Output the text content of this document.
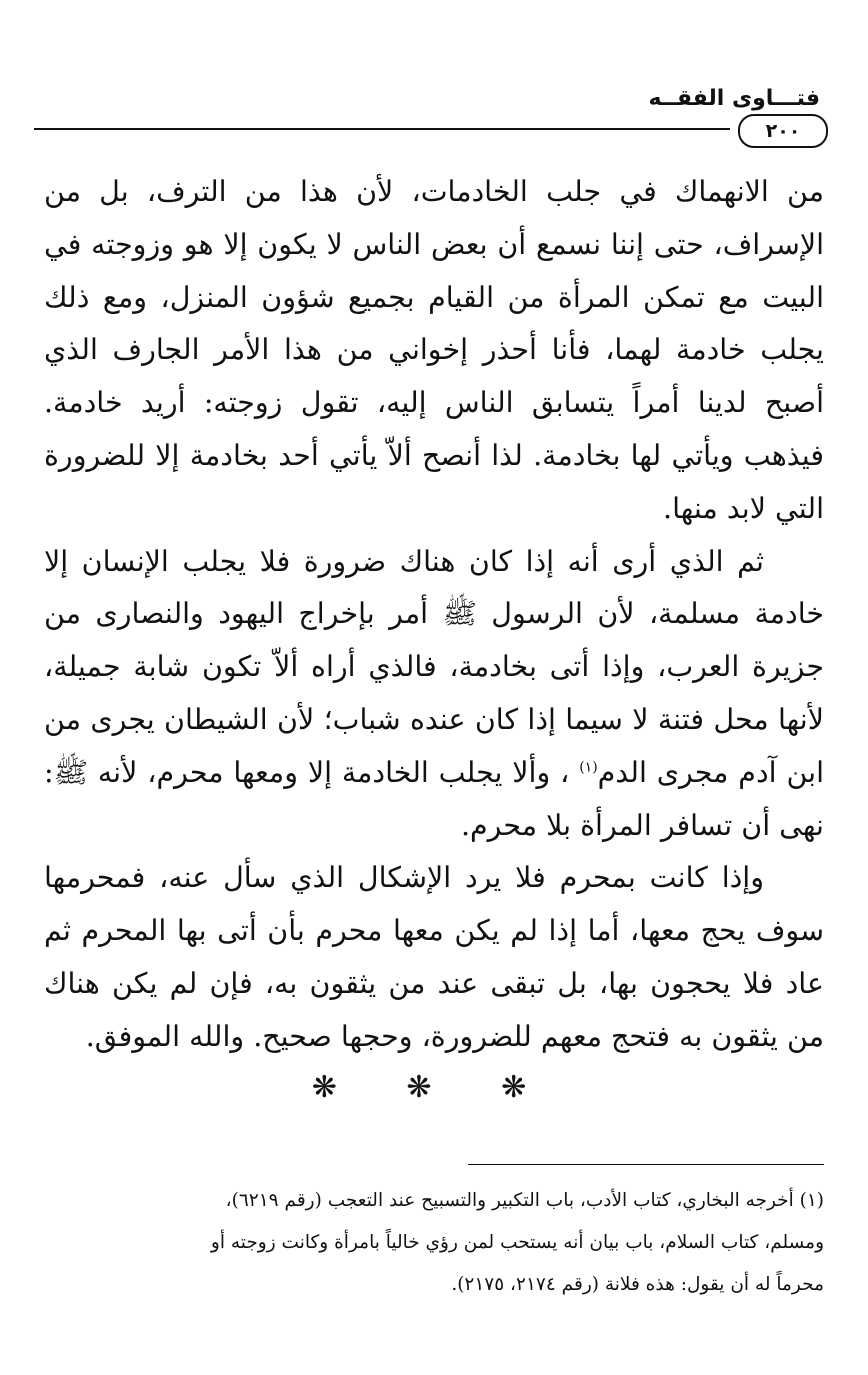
فتـــاوى الفقــه
٢٠٠

من الانهماك في جلب الخادمات، لأن هذا من الترف، بل من الإسراف، حتى إننا نسمع أن بعض الناس لا يكون إلا هو وزوجته في البيت مع تمكن المرأة من القيام بجميع شؤون المنزل، ومع ذلك يجلب خادمة لهما، فأنا أحذر إخواني من هذا الأمر الجارف الذي أصبح لدينا أمراً يتسابق الناس إليه، تقول زوجته: أريد خادمة. فيذهب ويأتي لها بخادمة. لذا أنصح ألاّ يأتي أحد بخادمة إلا للضرورة التي لابد منها.

ثم الذي أرى أنه إذا كان هناك ضرورة فلا يجلب الإنسان إلا خادمة مسلمة، لأن الرسول ﷺ أمر بإخراج اليهود والنصارى من جزيرة العرب، وإذا أتى بخادمة، فالذي أراه ألاّ تكون شابة جميلة، لأنها محل فتنة لا سيما إذا كان عنده شباب؛ لأن الشيطان يجرى من ابن آدم مجرى الدم$^{(١)}$ ، وألا يجلب الخادمة إلا ومعها محرم، لأنه ﷺ: نهى أن تسافر المرأة بلا محرم.

وإذا كانت بمحرم فلا يرد الإشكال الذي سأل عنه، فمحرمها سوف يحج معها، أما إذا لم يكن معها محرم بأن أتى بها المحرم ثم عاد فلا يحجون بها، بل تبقى عند من يثقون به، فإن لم يكن هناك من يثقون به فتحج معهم للضرورة، وحجها صحيح. والله الموفق.

❋ ❋ ❋

(١) أخرجه البخاري، كتاب الأدب، باب التكبير والتسبيح عند التعجب (رقم ٦٢١٩)،

ومسلم، كتاب السلام، باب بيان أنه يستحب لمن رؤي خالياً بامرأة وكانت زوجته أو

محرماً له أن يقول: هذه فلانة (رقم ٢١٧٤، ٢١٧٥).
